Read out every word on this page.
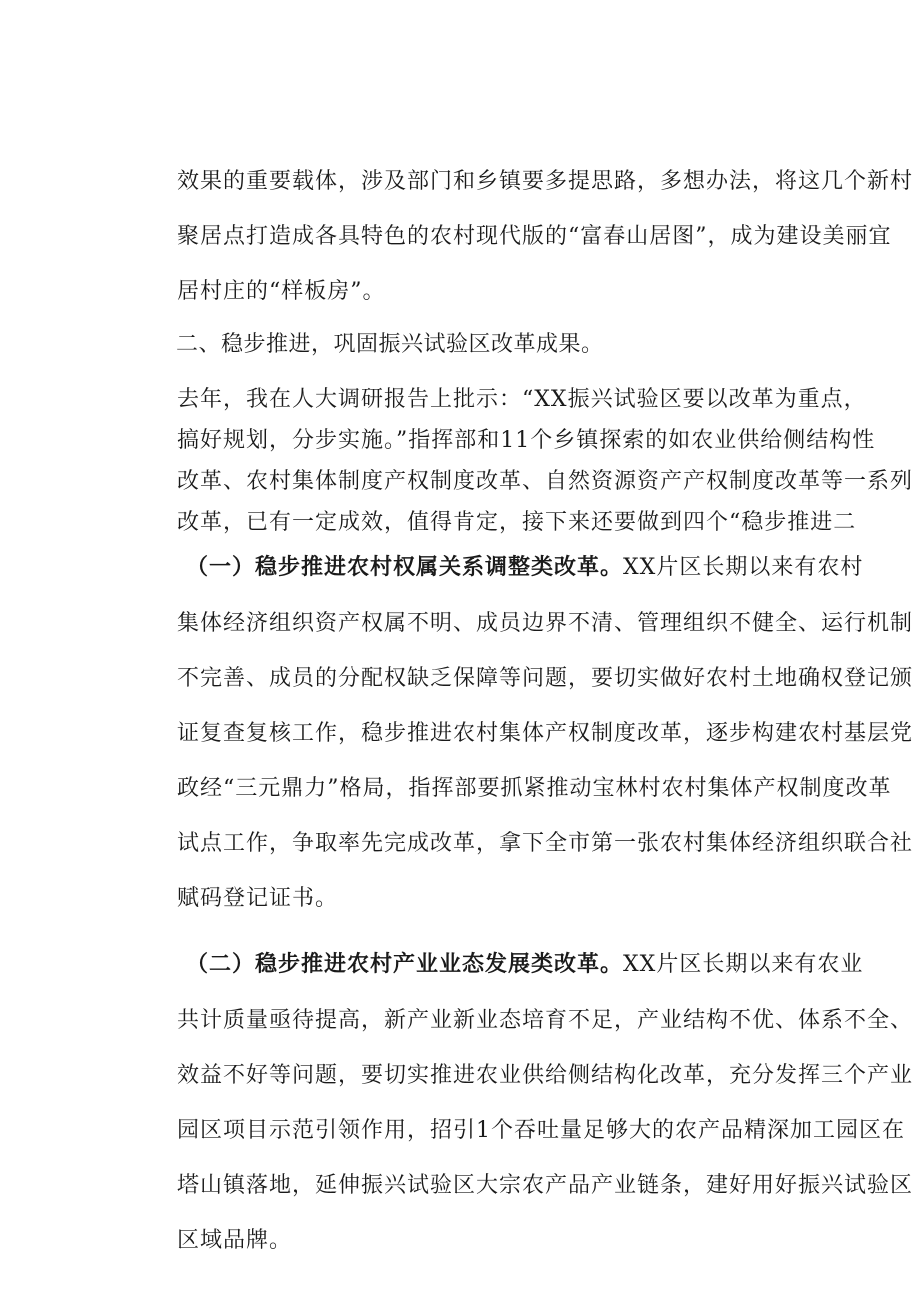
效果的重要载体，涉及部门和乡镇要多提思路，多想办法，将这几个新村
聚居点打造成各具特色的农村现代版的“富春山居图”，成为建设美丽宜
居村庄的“样板房”。
二、稳步推进，巩固振兴试验区改革成果。
去年，我在人大调研报告上批示：“XX振兴试验区要以改革为重点，
搞好规划，分步实施。”指挥部和11个乡镇探索的如农业供给侧结构性
改革、农村集体制度产权制度改革、自然资源资产产权制度改革等一系列
改革，已有一定成效，值得肯定，接下来还要做到四个“稳步推进二
（一）稳步推进农村权属关系调整类改革。XX片区长期以来有农村
集体经济组织资产权属不明、成员边界不清、管理组织不健全、运行机制
不完善、成员的分配权缺乏保障等问题，要切实做好农村土地确权登记颁
证复查复核工作，稳步推进农村集体产权制度改革，逐步构建农村基层党
政经“三元鼎力”格局，指挥部要抓紧推动宝林村农村集体产权制度改革
试点工作，争取率先完成改革，拿下全市第一张农村集体经济组织联合社
赋码登记证书。
（二）稳步推进农村产业业态发展类改革。XX片区长期以来有农业
共计质量亟待提高，新产业新业态培育不足，产业结构不优、体系不全、
效益不好等问题，要切实推进农业供给侧结构化改革，充分发挥三个产业
园区项目示范引领作用，招引1个吞吐量足够大的农产品精深加工园区在
塔山镇落地，延伸振兴试验区大宗农产品产业链条，建好用好振兴试验区
区域品牌。
